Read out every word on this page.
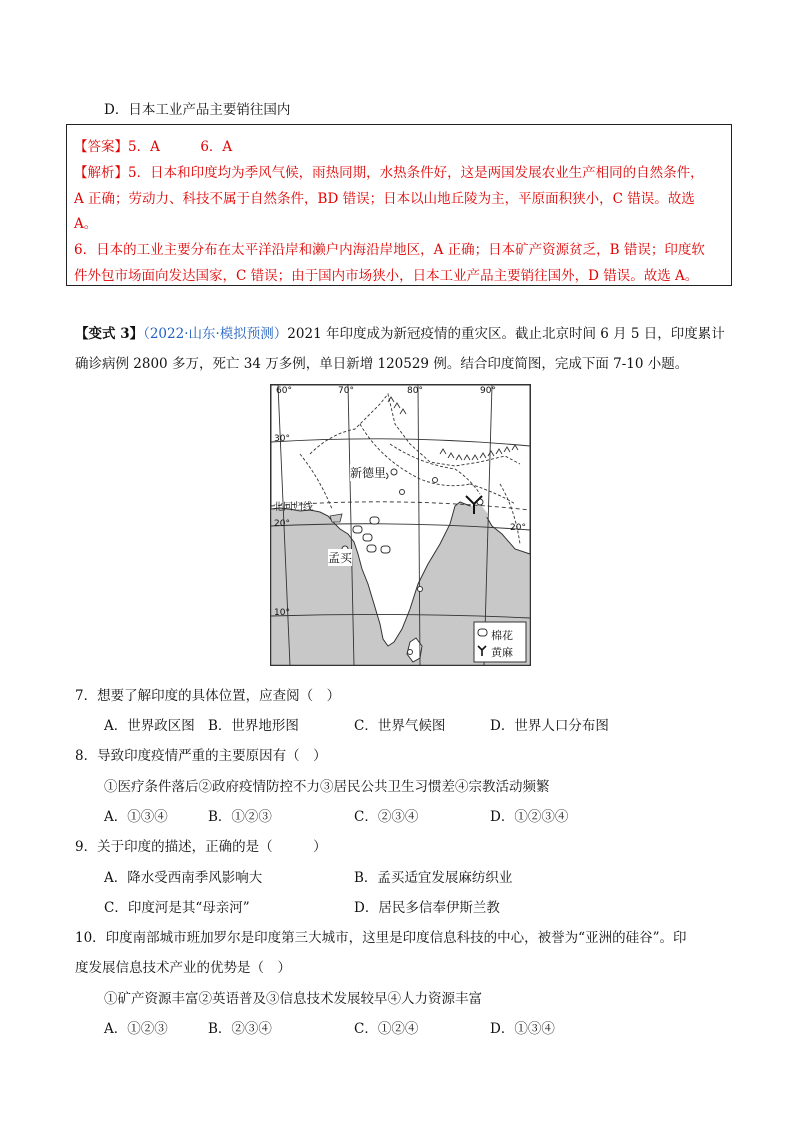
D．日本工业产品主要销往国内
【答案】5．A　　　6．A
【解析】5．日本和印度均为季风气候，雨热同期，水热条件好，这是两国发展农业生产相同的自然条件，
A 正确；劳动力、科技不属于自然条件，BD 错误；日本以山地丘陵为主，平原面积狭小，C 错误。故选
A。
6．日本的工业主要分布在太平洋沿岸和濑户内海沿岸地区，A 正确；日本矿产资源贫乏，B 错误；印度软
件外包市场面向发达国家，C 错误；由于国内市场狭小，日本工业产品主要销往国外，D 错误。故选 A。
【变式 3】（2022·山东·模拟预测）2021 年印度成为新冠疫情的重灾区。截止北京时间 6 月 5 日，印度累计
确诊病例 2800 多万，死亡 34 万多例，单日新增 120529 例。结合印度简图，完成下面 7-10 小题。
60°	70°	80°	90°
30°
20°	20°
10°
北回归线
新德里
孟买
棉花
黄麻
7．想要了解印度的具体位置，应查阅（　）
A．世界政区图 B．世界地形图	C．世界气候图	D．世界人口分布图
8．导致印度疫情严重的主要原因有（　）
①医疗条件落后②政府疫情防控不力③居民公共卫生习惯差④宗教活动频繁
A．①③④	B．①②③	C．②③④	D．①②③④
9．关于印度的描述，正确的是（　　　）
A．降水受西南季风影响大	B．孟买适宜发展麻纺织业
C．印度河是其“母亲河”	D．居民多信奉伊斯兰教
10．印度南部城市班加罗尔是印度第三大城市，这里是印度信息科技的中心，被誉为“亚洲的硅谷”。印
度发展信息技术产业的优势是（　）
①矿产资源丰富②英语普及③信息技术发展较早④人力资源丰富
A．①②③	B．②③④	C．①②④	D．①③④
